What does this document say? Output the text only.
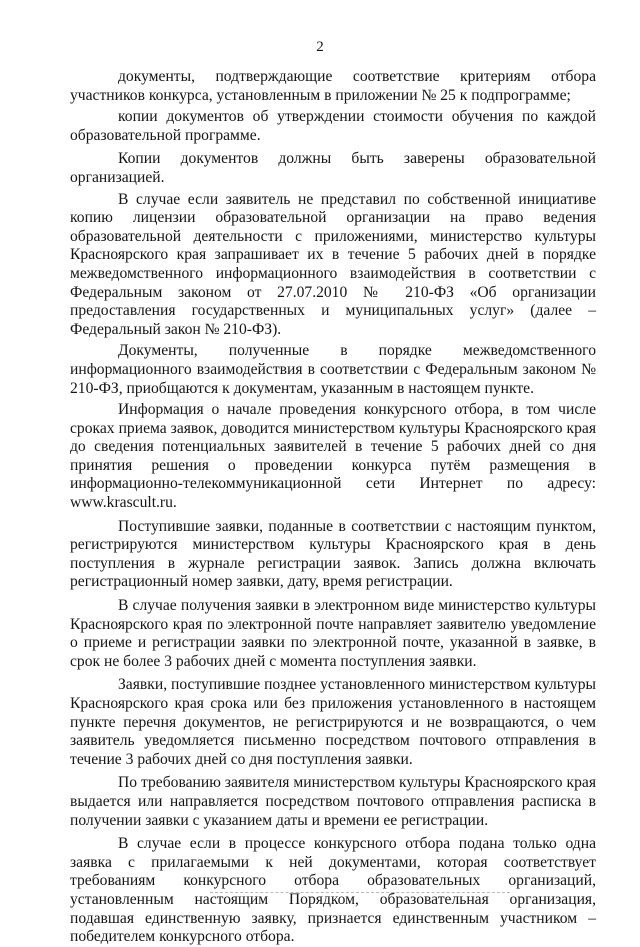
2

документы, подтверждающие соответствие критериям отбора участников конкурса, установленным в приложении № 25 к подпрограмме;

копии документов об утверждении стоимости обучения по каждой образовательной программе.

Копии документов должны быть заверены образовательной организацией.

В случае если заявитель не представил по собственной инициативе копию лицензии образовательной организации на право ведения образовательной деятельности с приложениями, министерство культуры Красноярского края запрашивает их в течение 5 рабочих дней в порядке межведомственного информационного взаимодействия в соответствии с Федеральным законом от 27.07.2010 № 210-ФЗ «Об организации предоставления государственных и муниципальных услуг» (далее – Федеральный закон № 210-ФЗ).

Документы, полученные в порядке межведомственного информационного взаимодействия в соответствии с Федеральным законом № 210-ФЗ, приобщаются к документам, указанным в настоящем пункте.

Информация о начале проведения конкурсного отбора, в том числе сроках приема заявок, доводится министерством культуры Красноярского края до сведения потенциальных заявителей в течение 5 рабочих дней со дня принятия решения о проведении конкурса путём размещения в информационно-телекоммуникационной сети Интернет по адресу: www.krascult.ru.

Поступившие заявки, поданные в соответствии с настоящим пунктом, регистрируются министерством культуры Красноярского края в день поступления в журнале регистрации заявок. Запись должна включать регистрационный номер заявки, дату, время регистрации.

В случае получения заявки в электронном виде министерство культуры Красноярского края по электронной почте направляет заявителю уведомление о приеме и регистрации заявки по электронной почте, указанной в заявке, в срок не более 3 рабочих дней с момента поступления заявки.

Заявки, поступившие позднее установленного министерством культуры Красноярского края срока или без приложения установленного в настоящем пункте перечня документов, не регистрируются и не возвращаются, о чем заявитель уведомляется письменно посредством почтового отправления в течение 3 рабочих дней со дня поступления заявки.

По требованию заявителя министерством культуры Красноярского края выдается или направляется посредством почтового отправления расписка в получении заявки с указанием даты и времени ее регистрации.

В случае если в процессе конкурсного отбора подана только одна заявка с прилагаемыми к ней документами, которая соответствует требованиям конкурсного отбора образовательных организаций, установленным настоящим Порядком, образовательная организация, подавшая единственную заявку, признается единственным участником – победителем конкурсного отбора.
